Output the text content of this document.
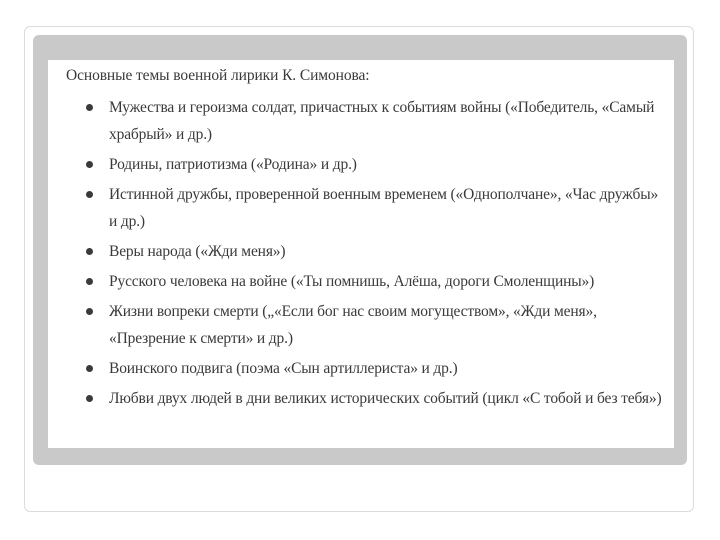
Основные темы военной лирики К. Симонова:
Мужества и героизма солдат, причастных к событиям войны («Победитель, «Самый храбрый» и др.)
Родины, патриотизма («Родина» и др.)
Истинной дружбы, проверенной военным временем («Однополчане», «Час дружбы» и др.)
Веры народа («Жди меня»)
Русского человека на войне («Ты помнишь, Алёша, дороги Смоленщины»)
Жизни вопреки смерти („«Если бог нас своим могуществом», «Жди меня», «Презрение к смерти» и др.)
Воинского подвига (поэма «Сын артиллериста» и др.)
Любви двух людей в дни великих исторических событий (цикл «С тобой и без тебя»)
